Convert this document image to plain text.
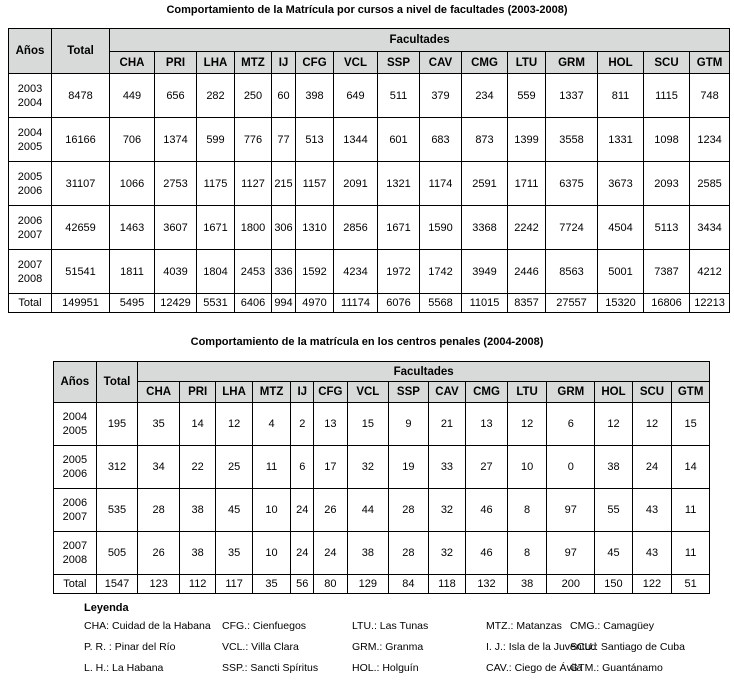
Comportamiento de la Matrícula por cursos a nivel de facultades (2003-2008)
Años	Total	Facultades														
		CHA	PRI	LHA	MTZ	IJ	CFG	VCL	SSP	CAV	CMG	LTU	GRM	HOL	SCU	GTM

2003
2004	8478	449	656	282	250	60	398	649	511	379	234	559	1337	811	1115	748

2004
2005	16166	706	1374	599	776	77	513	1344	601	683	873	1399	3558	1331	1098	1234

2005
2006	31107	1066	2753	1175	1127	215	1157	2091	1321	1174	2591	1711	6375	3673	2093	2585

2006
2007	42659	1463	3607	1671	1800	306	1310	2856	1671	1590	3368	2242	7724	4504	5113	3434

2007
2008	51541	1811	4039	1804	2453	336	1592	4234	1972	1742	3949	2446	8563	5001	7387	4212
Total	149951	5495	12429	5531	6406	994	4970	11174	6076	5568	11015	8357	27557	15320	16806	12213
Comportamiento de la matrícula en los centros penales (2004-2008)
Años	Total	Facultades														
		CHA	PRI	LHA	MTZ	IJ	CFG	VCL	SSP	CAV	CMG	LTU	GRM	HOL	SCU	GTM

2004
2005	195	35	14	12	4	2	13	15	9	21	13	12	6	12	12	15

2005
2006	312	34	22	25	11	6	17	32	19	33	27	10	0	38	24	14

2006
2007	535	28	38	45	10	24	26	44	28	32	46	8	97	55	43	11

2007
2008	505	26	38	35	10	24	24	38	28	32	46	8	97	45	43	11
Total	1547	123	112	117	35	56	80	129	84	118	132	38	200	150	122	51
Leyenda
CHA: Cuidad de la Habana CFG.: Cienfuegos	LTU.: Las Tunas	MTZ.: Matanzas CMG.: Camagüey
P. R. : Pinar del Río	VCL.: Villa Clara	GRM.: Granma	I. J.: Isla de la Juventud
SCU.: Santiago de Cuba
L. H.: La Habana	SSP.: Sancti Spíritus	HOL.: Holguín	CAV.: Ciego de Ávila
GTM.: Guantánamo
